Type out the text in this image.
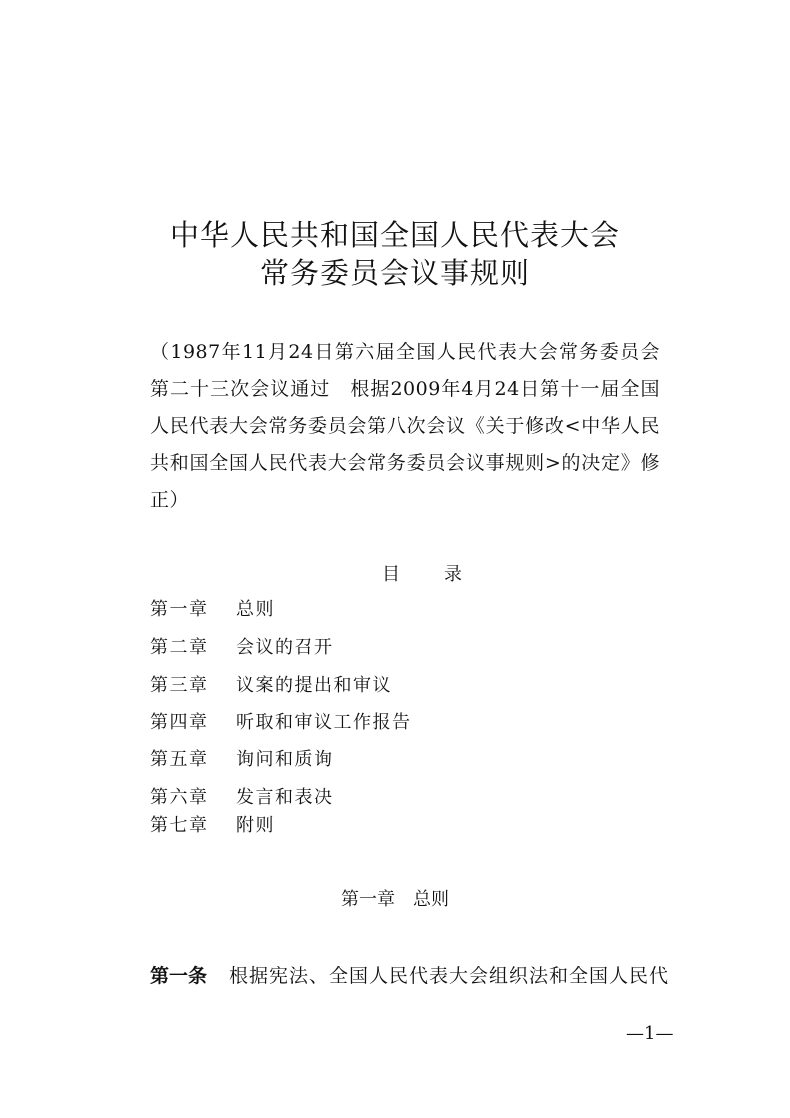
中华人民共和国全国人民代表大会
常务委员会议事规则

（1987年11月24日第六届全国人民代表大会常务委员会第二十三次会议通过　根据2009年4月24日第十一届全国人民代表大会常务委员会第八次会议《关于修改<中华人民共和国全国人民代表大会常务委员会议事规则>的决定》修正）

目 录
第一章 总则
第二章 会议的召开
第三章 议案的提出和审议
第四章 听取和审议工作报告
第五章 询问和质询
第六章 发言和表决
第七章 附则
第一章 总则

第一条 根据宪法、全国人民代表大会组织法和全国人民代

—1—
